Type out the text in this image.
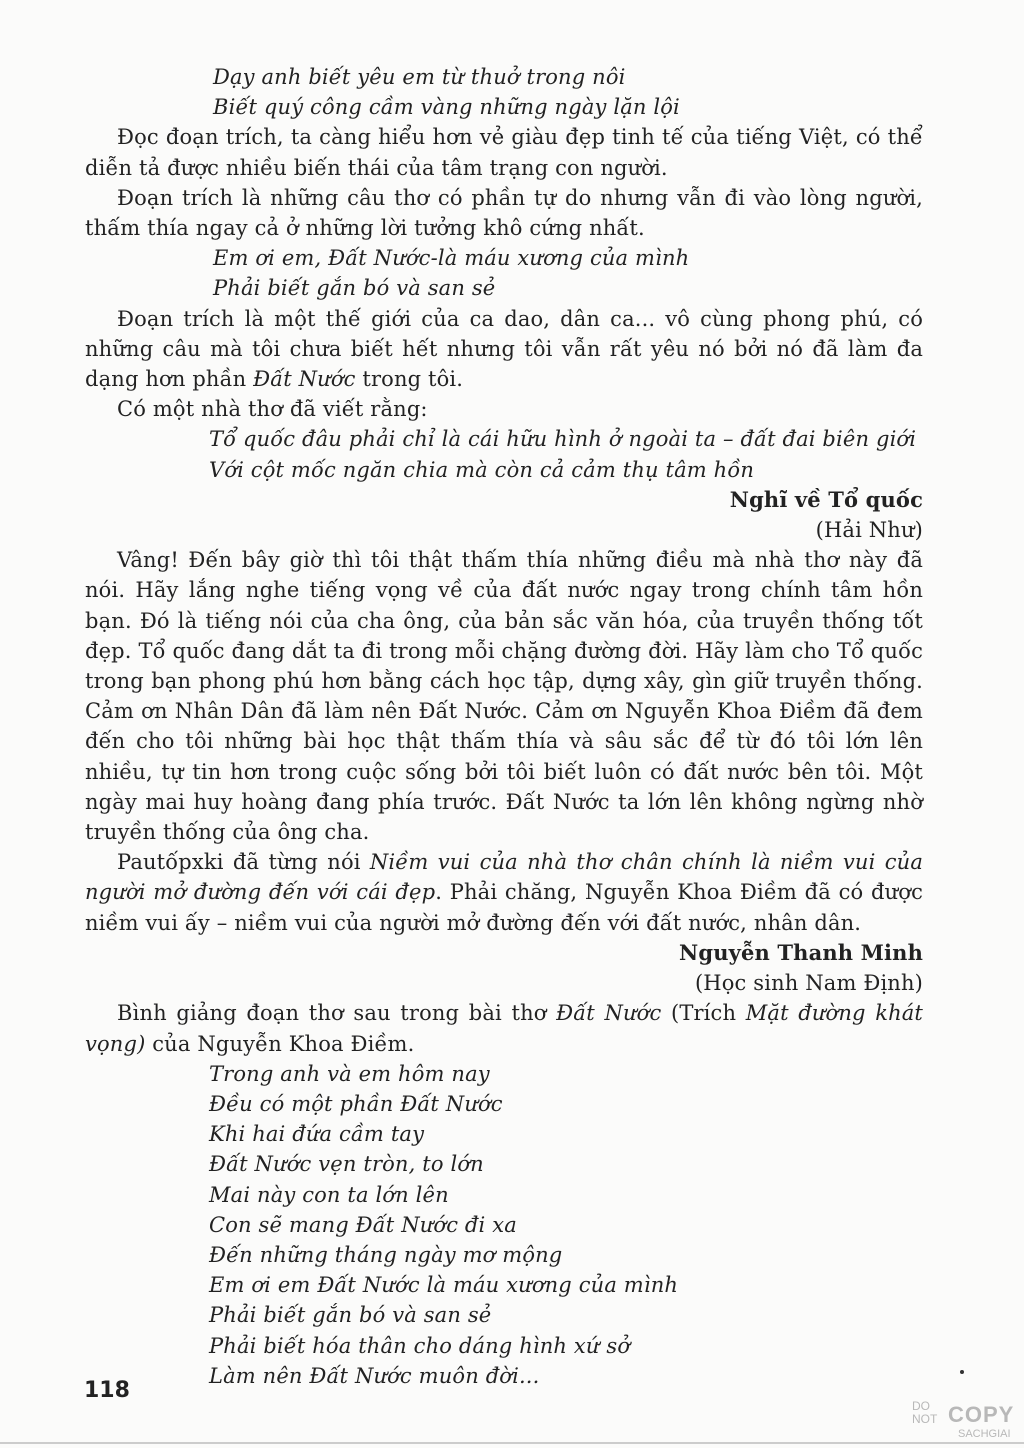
Dạy anh biết yêu em từ thuở trong nôi
Biết quý công cầm vàng những ngày lặn lội

Đọc đoạn trích, ta càng hiểu hơn vẻ giàu đẹp tinh tế của tiếng Việt, có thể diễn tả được nhiều biến thái của tâm trạng con người.

Đoạn trích là những câu thơ có phần tự do nhưng vẫn đi vào lòng người, thấm thía ngay cả ở những lời tưởng khô cứng nhất.

Em ơi em, Đất Nước-là máu xương của mình
Phải biết gắn bó và san sẻ

Đoạn trích là một thế giới của ca dao, dân ca... vô cùng phong phú, có những câu mà tôi chưa biết hết nhưng tôi vẫn rất yêu nó bởi nó đã làm đa dạng hơn phần Đất Nước trong tôi.

Có một nhà thơ đã viết rằng:

Tổ quốc đâu phải chỉ là cái hữu hình ở ngoài ta – đất đai biên giới
Với cột mốc ngăn chia mà còn cả cảm thụ tâm hồn

Nghĩ về Tổ quốc

(Hải Như)

Vâng! Đến bây giờ thì tôi thật thấm thía những điều mà nhà thơ này đã nói. Hãy lắng nghe tiếng vọng về của đất nước ngay trong chính tâm hồn bạn. Đó là tiếng nói của cha ông, của bản sắc văn hóa, của truyền thống tốt đẹp. Tổ quốc đang dắt ta đi trong mỗi chặng đường đời. Hãy làm cho Tổ quốc trong bạn phong phú hơn bằng cách học tập, dựng xây, gìn giữ truyền thống. Cảm ơn Nhân Dân đã làm nên Đất Nước. Cảm ơn Nguyễn Khoa Điềm đã đem đến cho tôi những bài học thật thấm thía và sâu sắc để từ đó tôi lớn lên nhiều, tự tin hơn trong cuộc sống bởi tôi biết luôn có đất nước bên tôi. Một ngày mai huy hoàng đang phía trước. Đất Nước ta lớn lên không ngừng nhờ truyền thống của ông cha.

Pautốpxki đã từng nói Niềm vui của nhà thơ chân chính là niềm vui của người mở đường đến với cái đẹp. Phải chăng, Nguyễn Khoa Điềm đã có được niềm vui ấy – niềm vui của người mở đường đến với đất nước, nhân dân.

Nguyễn Thanh Minh

(Học sinh Nam Định)

Bình giảng đoạn thơ sau trong bài thơ Đất Nước (Trích Mặt đường khát vọng) của Nguyễn Khoa Điềm.

Trong anh và em hôm nay
Đều có một phần Đất Nước
Khi hai đứa cầm tay
Đất Nước vẹn tròn, to lớn
Mai này con ta lớn lên
Con sẽ mang Đất Nước đi xa
Đến những tháng ngày mơ mộng
Em ơi em Đất Nước là máu xương của mình
Phải biết gắn bó và san sẻ
Phải biết hóa thân cho dáng hình xứ sở
Làm nên Đất Nước muôn đời...
118
DO
NOT COPY
SACHGIAI
